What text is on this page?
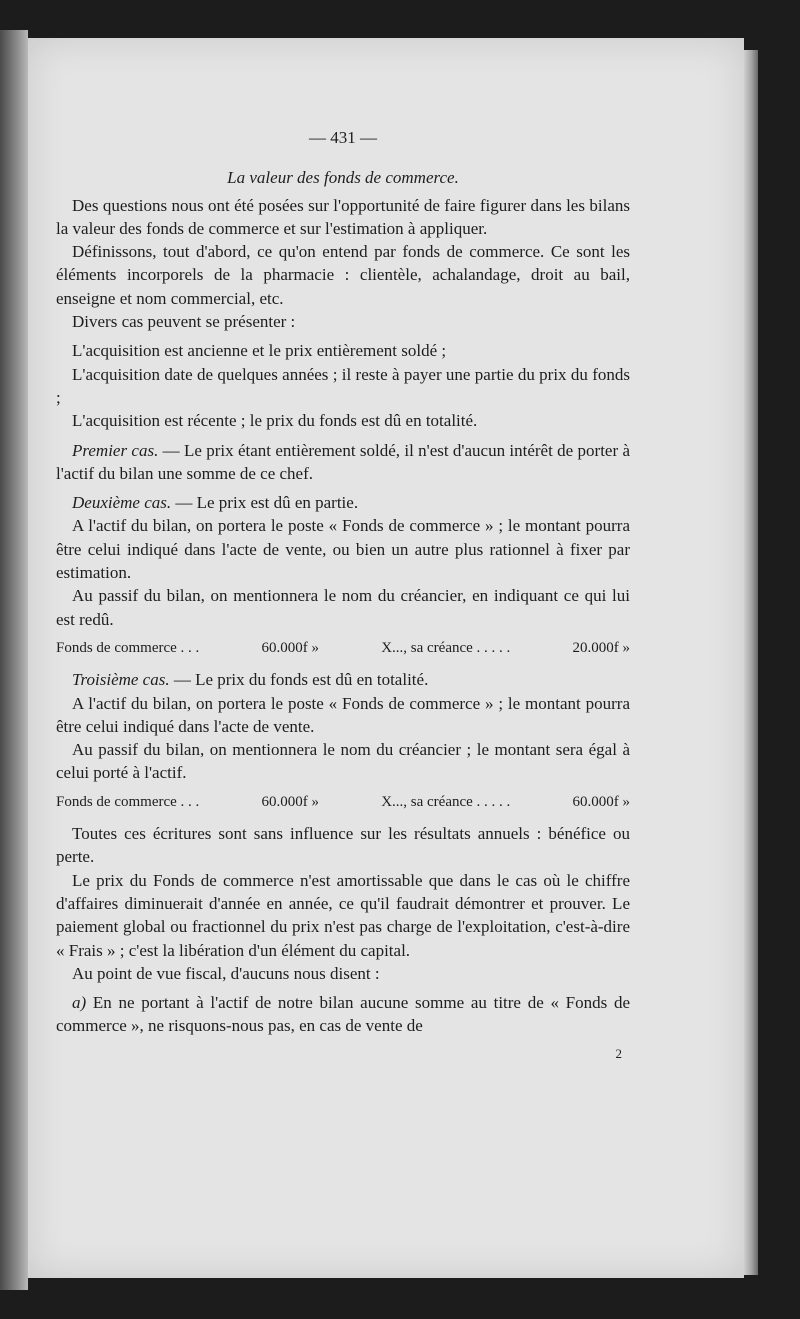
— 431 —
La valeur des fonds de commerce.

Des questions nous ont été posées sur l'opportunité de faire figurer dans les bilans la valeur des fonds de commerce et sur l'estimation à appliquer.

Définissons, tout d'abord, ce qu'on entend par fonds de commerce. Ce sont les éléments incorporels de la pharmacie : clientèle, achalandage, droit au bail, enseigne et nom commercial, etc.

Divers cas peuvent se présenter :

L'acquisition est ancienne et le prix entièrement soldé ;

L'acquisition date de quelques années ; il reste à payer une partie du prix du fonds ;

L'acquisition est récente ; le prix du fonds est dû en totalité.

Premier cas. — Le prix étant entièrement soldé, il n'est d'aucun intérêt de porter à l'actif du bilan une somme de ce chef.

Deuxième cas. — Le prix est dû en partie.

A l'actif du bilan, on portera le poste « Fonds de commerce » ; le montant pourra être celui indiqué dans l'acte de vente, ou bien un autre plus rationnel à fixer par estimation.

Au passif du bilan, on mentionnera le nom du créancier, en indiquant ce qui lui est redû.

Fonds de commerce . . .	60.000f »	X..., sa créance . . . . .	20.000f »

Troisième cas. — Le prix du fonds est dû en totalité.

A l'actif du bilan, on portera le poste « Fonds de commerce » ; le montant pourra être celui indiqué dans l'acte de vente.

Au passif du bilan, on mentionnera le nom du créancier ; le montant sera égal à celui porté à l'actif.

Fonds de commerce . . .	60.000f »	X..., sa créance . . . . .	60.000f »

Toutes ces écritures sont sans influence sur les résultats annuels : bénéfice ou perte.

Le prix du Fonds de commerce n'est amortissable que dans le cas où le chiffre d'affaires diminuerait d'année en année, ce qu'il faudrait démontrer et prouver. Le paiement global ou fractionnel du prix n'est pas charge de l'exploitation, c'est-à-dire « Frais » ; c'est la libération d'un élément du capital.

Au point de vue fiscal, d'aucuns nous disent :

a) En ne portant à l'actif de notre bilan aucune somme au titre de « Fonds de commerce », ne risquons-nous pas, en cas de vente de

2
